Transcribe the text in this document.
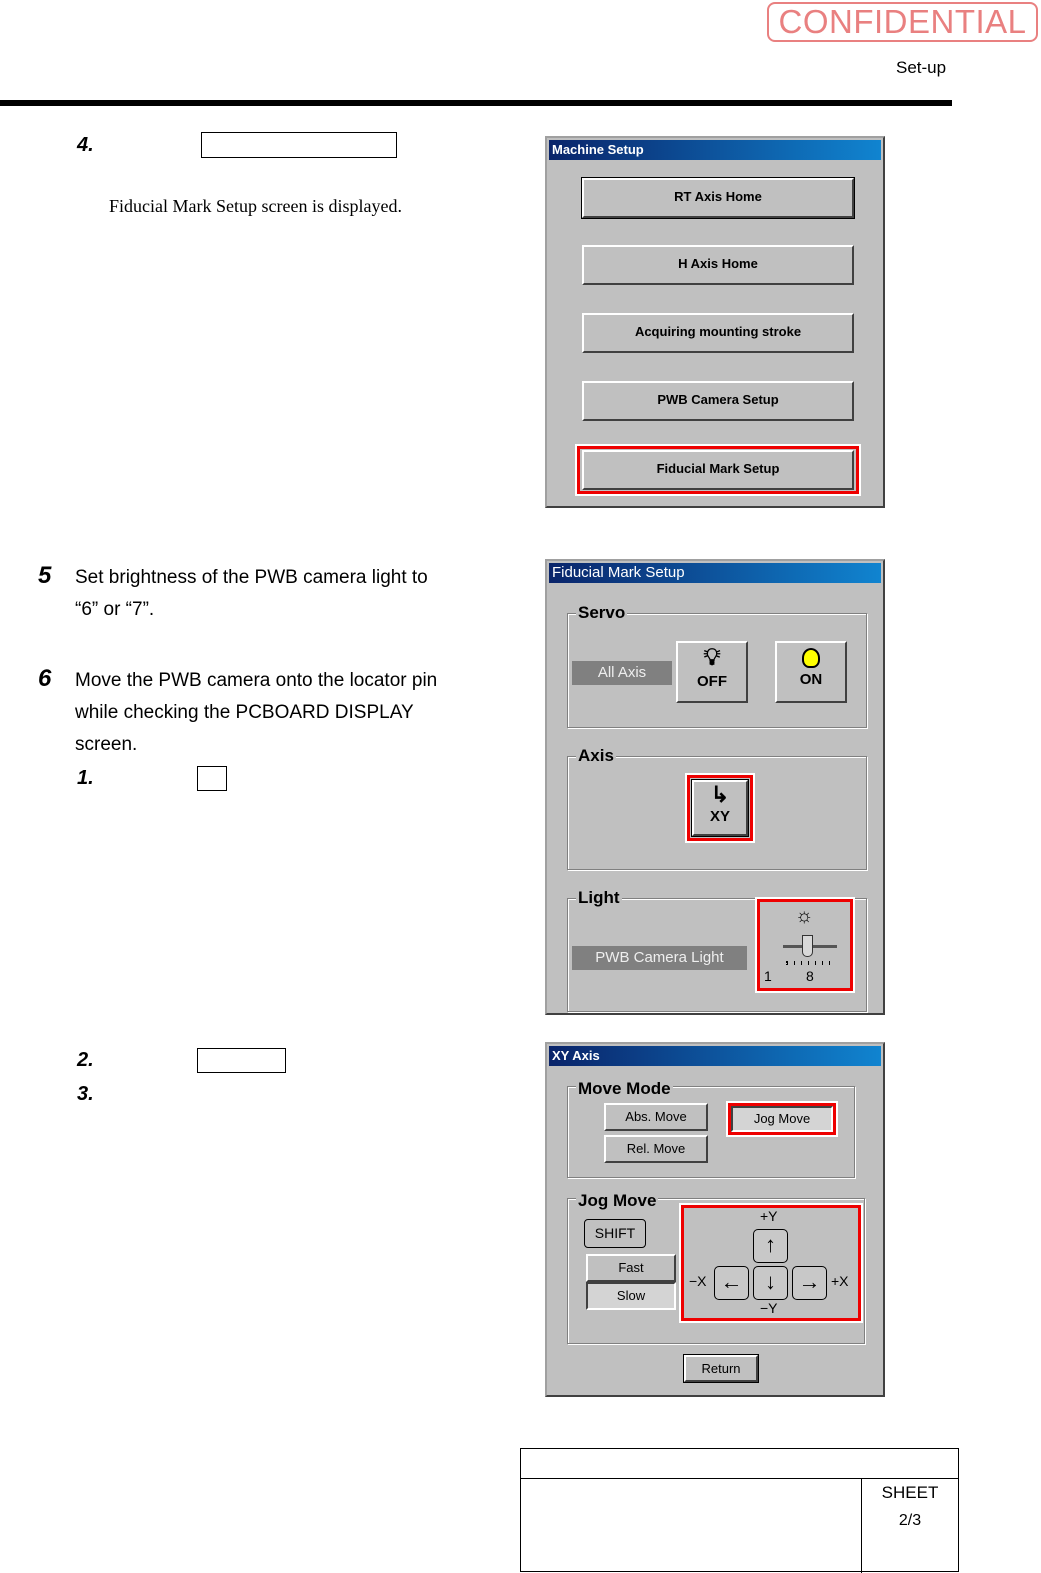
CONFIDENTIAL
Set-up
4.
Fiducial Mark Setup screen is displayed.
Machine Setup
RT Axis Home
H Axis Home
Acquiring mounting stroke
PWB Camera Setup
Fiducial Mark Setup
5 Set brightness of the PWB camera light to
“6” or “7”.
6 Move the PWB camera onto the locator pin
while checking the PCBOARD DISPLAY
screen.
1.
2.
3.
Fiducial Mark Setup
Servo
All Axis
💡︎
OFF	ON
Axis
↳
XY
Light
PWB Camera Light
☼
1 8
XY Axis
Move Mode
Abs. Move
Rel. Move
Jog Move
Jog Move
SHIFT
Fast
Slow
+Y
−Y
−X	+X
↑
↓
←	→
Return
SHEET
2/3
